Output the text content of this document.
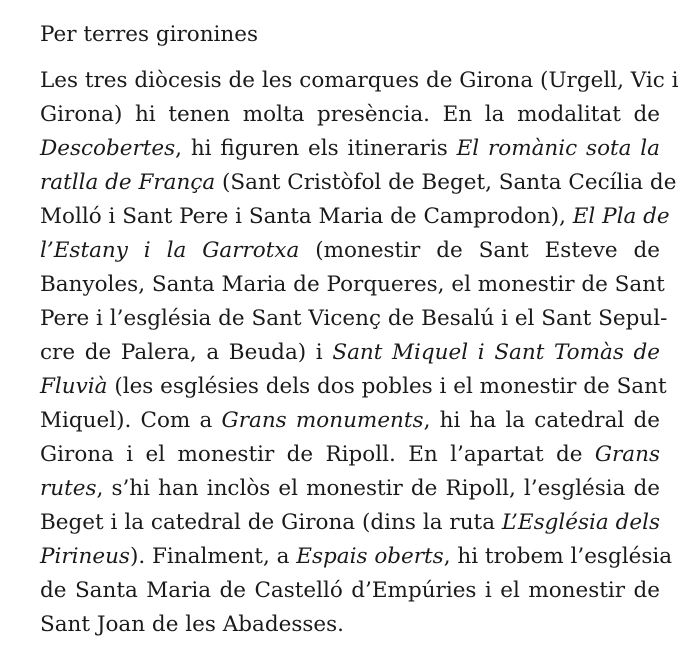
Per terres gironines

Les tres diòcesis de les comarques de Girona (Urgell, Vic i
Girona) hi tenen molta presència. En la modalitat de
Descobertes, hi figuren els itineraris El romànic sota la
ratlla de França (Sant Cristòfol de Beget, Santa Cecília de
Molló i Sant Pere i Santa Maria de Camprodon), El Pla de
l’Estany i la Garrotxa (monestir de Sant Esteve de
Banyoles, Santa Maria de Porqueres, el monestir de Sant
Pere i l’església de Sant Vicenç de Besalú i el Sant Sepul-
cre de Palera, a Beuda) i Sant Miquel i Sant Tomàs de
Fluvià (les esglésies dels dos pobles i el monestir de Sant
Miquel). Com a Grans monuments, hi ha la catedral de
Girona i el monestir de Ripoll. En l’apartat de Grans
rutes, s’hi han inclòs el monestir de Ripoll, l’església de
Beget i la catedral de Girona (dins la ruta L’Església dels
Pirineus). Finalment, a Espais oberts, hi trobem l’església
de Santa Maria de Castelló d’Empúries i el monestir de
Sant Joan de les Abadesses.
